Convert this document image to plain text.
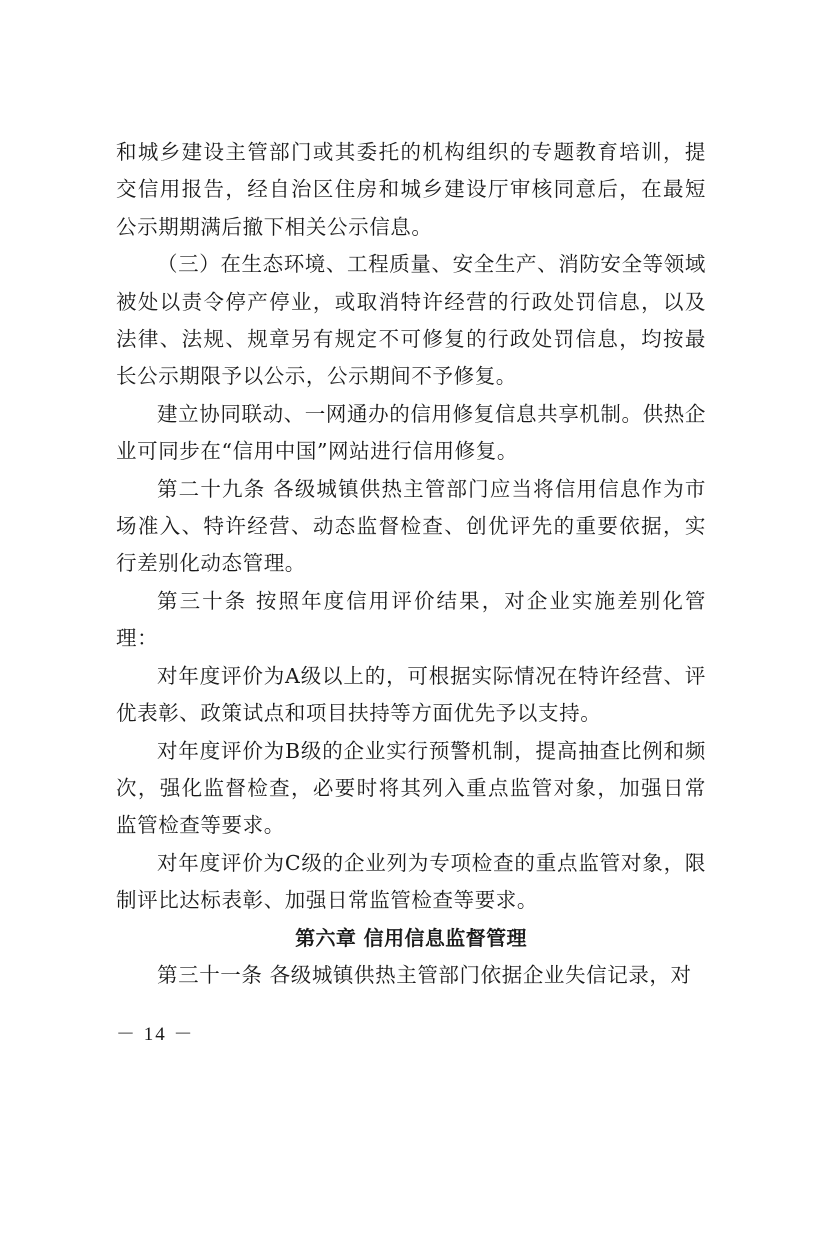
和城乡建设主管部门或其委托的机构组织的专题教育培训，提交信用报告，经自治区住房和城乡建设厅审核同意后，在最短公示期期满后撤下相关公示信息。

（三）在生态环境、工程质量、安全生产、消防安全等领域被处以责令停产停业，或取消特许经营的行政处罚信息，以及法律、法规、规章另有规定不可修复的行政处罚信息，均按最长公示期限予以公示，公示期间不予修复。

建立协同联动、一网通办的信用修复信息共享机制。供热企业可同步在“信用中国”网站进行信用修复。

第二十九条 各级城镇供热主管部门应当将信用信息作为市场准入、特许经营、动态监督检查、创优评先的重要依据，实行差别化动态管理。

第三十条 按照年度信用评价结果，对企业实施差别化管理：

对年度评价为A级以上的，可根据实际情况在特许经营、评优表彰、政策试点和项目扶持等方面优先予以支持。

对年度评价为B级的企业实行预警机制，提高抽查比例和频次，强化监督检查，必要时将其列入重点监管对象，加强日常监管检查等要求。

对年度评价为C级的企业列为专项检查的重点监管对象，限制评比达标表彰、加强日常监管检查等要求。

第六章 信用信息监督管理

第三十一条 各级城镇供热主管部门依据企业失信记录，对

－ 14 －
